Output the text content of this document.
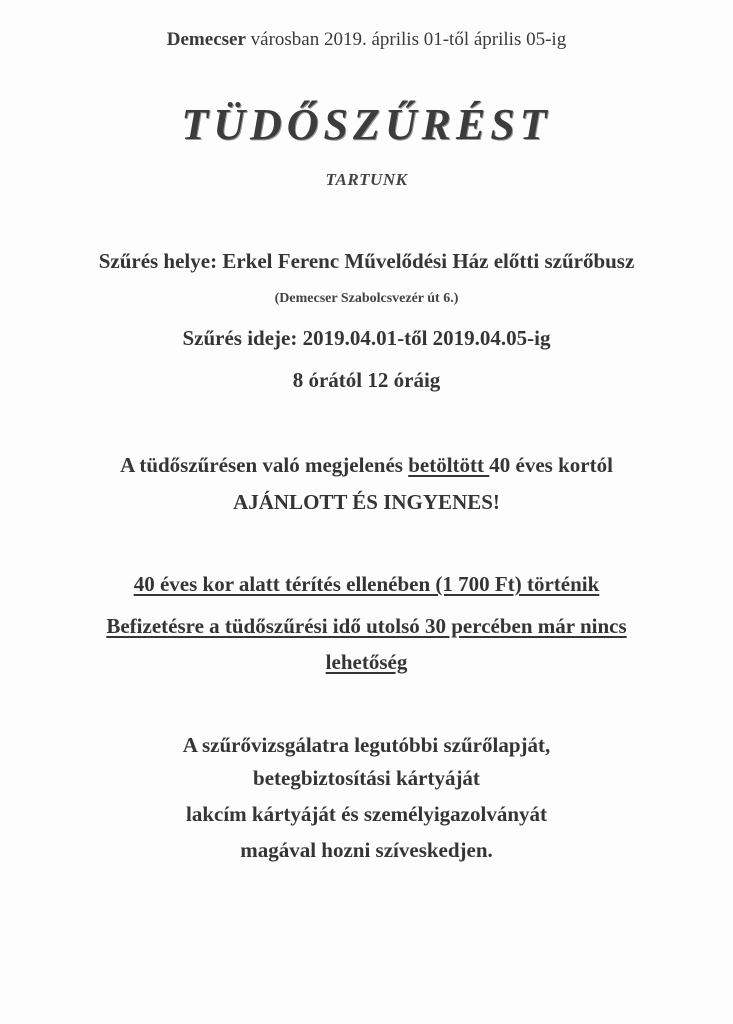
Demecser városban 2019. április 01-től április 05-ig

TÜDŐSZŰRÉST

TARTUNK

Szűrés helye: Erkel Ferenc Művelődési Ház előtti szűrőbusz

(Demecser Szabolcsvezér út 6.)

Szűrés ideje: 2019.04.01-től 2019.04.05-ig

8 órától 12 óráig

A tüdőszűrésen való megjelenés betöltött 40 éves kortól

AJÁNLOTT ÉS INGYENES!

40 éves kor alatt térítés ellenében (1 700 Ft) történik

Befizetésre a tüdőszűrési idő utolsó 30 percében már nincs

lehetőség

A szűrővizsgálatra legutóbbi szűrőlapját,

betegbiztosítási kártyáját

lakcím kártyáját és személyigazolványát

magával hozni szíveskedjen.
